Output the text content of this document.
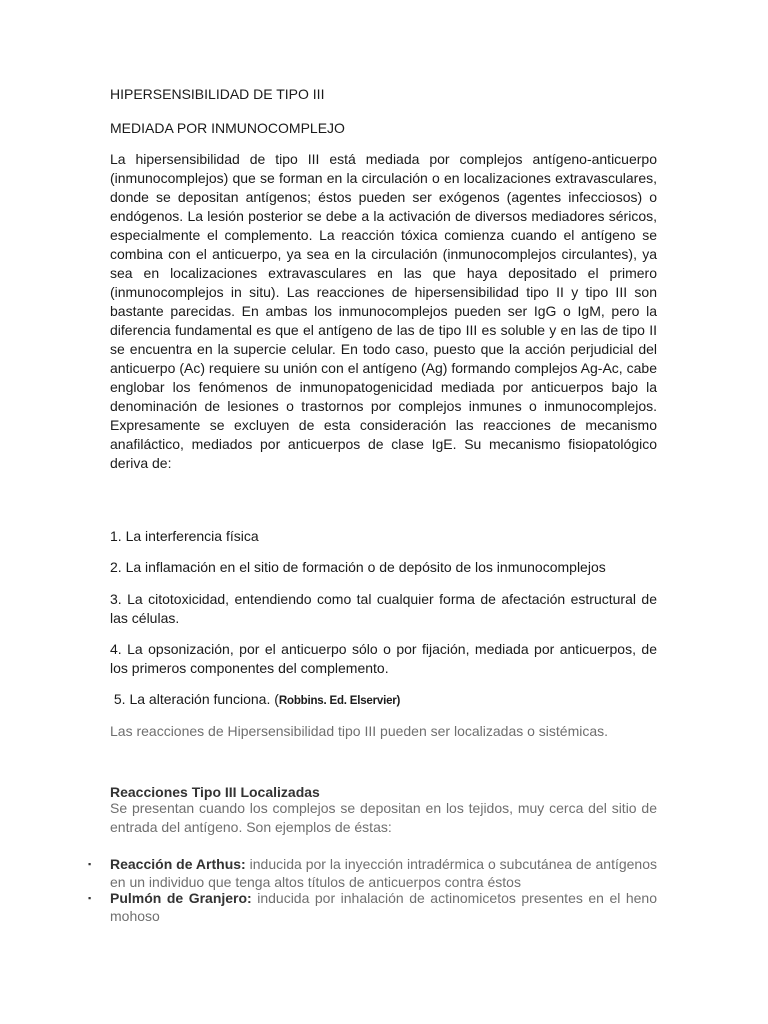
HIPERSENSIBILIDAD DE TIPO III
MEDIADA POR INMUNOCOMPLEJO

La hipersensibilidad de tipo III está mediada por complejos antígeno-anticuerpo (inmunocomplejos) que se forman en la circulación o en localizaciones extravasculares, donde se depositan antígenos; éstos pueden ser exógenos (agentes infecciosos) o endógenos. La lesión posterior se debe a la activación de diversos mediadores séricos, especialmente el complemento. La reacción tóxica comienza cuando el antígeno se combina con el anticuerpo, ya sea en la circulación (inmunocomplejos circulantes), ya sea en localizaciones extravasculares en las que haya depositado el primero (inmunocomplejos in situ). Las reacciones de hipersensibilidad tipo II y tipo III son bastante parecidas. En ambas los inmunocomplejos pueden ser IgG o IgM, pero la diferencia fundamental es que el antígeno de las de tipo III es soluble y en las de tipo II se encuentra en la supercie celular. En todo caso, puesto que la acción perjudicial del anticuerpo (Ac) requiere su unión con el antígeno (Ag) formando complejos Ag-Ac, cabe englobar los fenómenos de inmunopatogenicidad mediada por anticuerpos bajo la denominación de lesiones o trastornos por complejos inmunes o inmunocomplejos. Expresamente se excluyen de esta consideración las reacciones de mecanismo anafiláctico, mediados por anticuerpos de clase IgE. Su mecanismo fisiopatológico deriva de:

1. La interferencia física
2. La inflamación en el sitio de formación o de depósito de los inmunocomplejos

3. La citotoxicidad, entendiendo como tal cualquier forma de afectación estructural de las células.

4. La opsonización, por el anticuerpo sólo o por fijación, mediada por anticuerpos, de los primeros componentes del complemento.

5. La alteración funciona. (Robbins. Ed. Elservier)

Las reacciones de Hipersensibilidad tipo III pueden ser localizadas o sistémicas.

Reacciones Tipo III Localizadas

Se presentan cuando los complejos se depositan en los tejidos, muy cerca del sitio de entrada del antígeno. Son ejemplos de éstas:

▪	Reacción de Arthus: inducida por la inyección intradérmica o subcutánea de antígenos en un individuo que tenga altos títulos de anticuerpos contra éstos
▪	Pulmón de Granjero: inducida por inhalación de actinomicetos presentes en el heno mohoso
